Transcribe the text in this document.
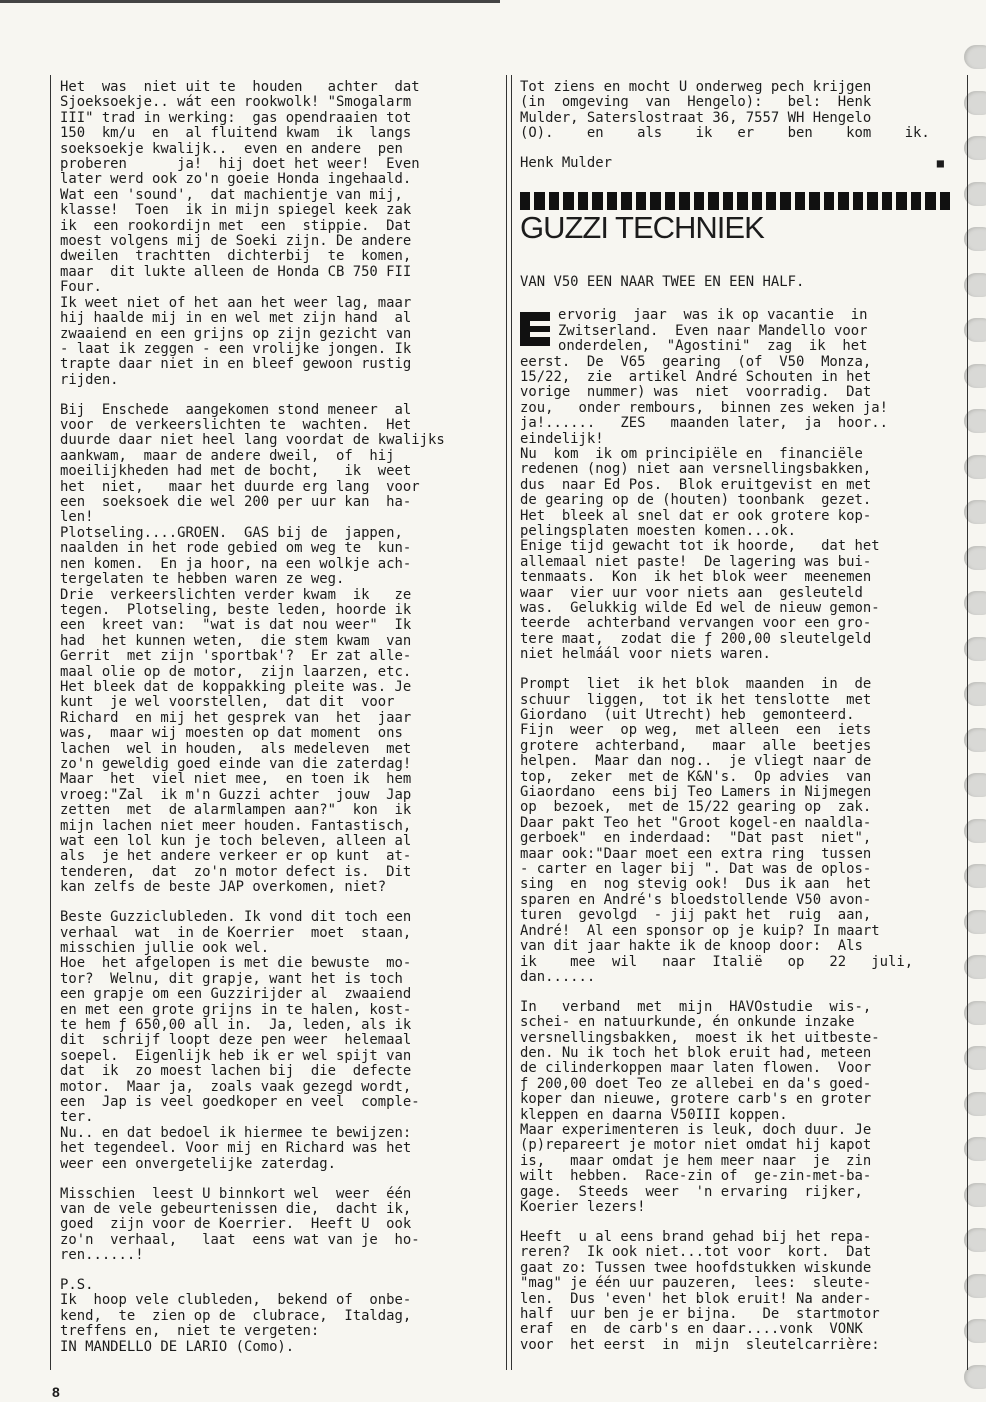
Het  was  niet uit te  houden   achter  dat
Sjoeksoekje.. wát een rookwolk! "Smogalarm
III" trad in werking:  gas opendraaien tot
150  km/u  en  al fluitend kwam  ik  langs
soeksoekje kwalijk..  even en andere  pen
proberen      ja!  hij doet het weer!  Even
later werd ook zo'n goeie Honda ingehaald.
Wat een 'sound',  dat machientje van mij,
klasse!  Toen  ik in mijn spiegel keek zak
ik  een rookordijn met  een  stippie.  Dat
moest volgens mij de Soeki zijn. De andere
dweilen  trachtten  dichterbij  te  komen,
maar  dit lukte alleen de Honda CB 750 FII
Four.
Ik weet niet of het aan het weer lag, maar
hij haalde mij in en wel met zijn hand  al
zwaaiend en een grijns op zijn gezicht van
- laat ik zeggen - een vrolijke jongen. Ik
trapte daar niet in en bleef gewoon rustig
rijden.
Bij  Enschede  aangekomen stond meneer  al
voor  de verkeerslichten te  wachten.  Het
duurde daar niet heel lang voordat de kwalijks
aankwam,  maar de andere dweil,  of  hij
moeilijkheden had met de bocht,   ik  weet
het  niet,   maar het duurde erg lang  voor
een  soeksoek die wel 200 per uur kan  ha-
len!
Plotseling....GROEN.  GAS bij de  jappen,
naalden in het rode gebied om weg te  kun-
nen komen.  En ja hoor, na een wolkje ach-
tergelaten te hebben waren ze weg.
Drie  verkeerslichten verder kwam  ik   ze
tegen.  Plotseling, beste leden, hoorde ik
een  kreet van:  "wat is dat nou weer"  Ik
had  het kunnen weten,  die stem kwam  van
Gerrit  met zijn 'sportbak'?  Er zat alle-
maal olie op de motor,  zijn laarzen, etc.
Het bleek dat de koppakking pleite was. Je
kunt  je wel voorstellen,  dat dit  voor
Richard  en mij het gesprek van  het  jaar
was,  maar wij moesten op dat moment  ons
lachen  wel in houden,  als medeleven  met
zo'n geweldig goed einde van die zaterdag!
Maar  het  viel niet mee,  en toen ik  hem
vroeg:"Zal  ik m'n Guzzi achter  jouw  Jap
zetten  met  de alarmlampen aan?"  kon  ik
mijn lachen niet meer houden. Fantastisch,
wat een lol kun je toch beleven, alleen al
als  je het andere verkeer er op kunt  at-
tenderen,  dat  zo'n motor defect is.  Dit
kan zelfs de beste JAP overkomen, niet?
Beste Guzziclubleden. Ik vond dit toch een
verhaal  wat  in de Koerrier  moet  staan,
misschien jullie ook wel.
Hoe  het afgelopen is met die bewuste  mo-
tor?  Welnu, dit grapje, want het is toch
een grapje om een Guzzirijder al  zwaaiend
en met een grote grijns in te halen, kost-
te hem ƒ 650,00 all in.  Ja, leden, als ik
dit  schrijf loopt deze pen weer  helemaal
soepel.  Eigenlijk heb ik er wel spijt van
dat  ik  zo moest lachen bij  die  defecte
motor.  Maar ja,  zoals vaak gezegd wordt,
een  Jap is veel goedkoper en veel  comple-
ter.
Nu.. en dat bedoel ik hiermee te bewijzen:
het tegendeel. Voor mij en Richard was het
weer een onvergetelijke zaterdag.
Misschien  leest U binnkort wel  weer  één
van de vele gebeurtenissen die,  dacht ik,
goed  zijn voor de Koerrier.  Heeft U  ook
zo'n  verhaal,   laat  eens wat van je  ho-
ren......!
P.S.
Ik  hoop vele clubleden,  bekend of  onbe-
kend,  te  zien op de  clubrace,  Italdag,
treffens en,  niet te vergeten:
IN MANDELLO DE LARIO (Como).
Tot ziens en mocht U onderweg pech krijgen
(in  omgeving  van  Hengelo):   bel:  Henk
Mulder, Saterslostraat 36, 7557 WH Hengelo
(O).    en    als    ik   er    ben    kom    ik.
Henk Mulder	■
GUZZI TECHNIEK
VAN V50 EEN NAAR TWEE EN EEN HALF.
ervorig  jaar  was ik op vacantie  in
Zwitserland.  Even naar Mandello voor
onderdelen,  "Agostini"  zag  ik  het
eerst.  De  V65  gearing  (of  V50  Monza,
15/22,  zie  artikel André Schouten in het
vorige  nummer) was  niet  voorradig.  Dat
zou,   onder rembours,  binnen zes weken ja!
ja!......   ZES   maanden later,  ja  hoor..
eindelijk!
Nu  kom  ik om principiële en  financiële
redenen (nog) niet aan versnellingsbakken,
dus  naar Ed Pos.  Blok eruitgevist en met
de gearing op de (houten) toonbank  gezet.
Het  bleek al snel dat er ook grotere kop-
pelingsplaten moesten komen...ok.
Enige tijd gewacht tot ik hoorde,   dat het
allemaal niet paste!  De lagering was bui-
tenmaats.  Kon  ik het blok weer  meenemen
waar  vier uur voor niets aan  gesleuteld
was.  Gelukkig wilde Ed wel de nieuw gemon-
teerde  achterband vervangen voor een gro-
tere maat,  zodat die ƒ 200,00 sleutelgeld
niet helmáál voor niets waren.
Prompt  liet  ik het blok  maanden  in  de
schuur  liggen,  tot ik het tenslotte  met
Giordano  (uit Utrecht) heb  gemonteerd.
Fijn  weer  op weg,  met alleen  een  iets
grotere  achterband,   maar  alle  beetjes
helpen.  Maar dan nog..  je vliegt naar de
top,  zeker  met de K&N's.  Op advies  van
Giaordano  eens bij Teo Lamers in Nijmegen
op  bezoek,  met de 15/22 gearing op  zak.
Daar pakt Teo het "Groot kogel-en naaldla-
gerboek"  en inderdaad:  "Dat past  niet",
maar ook:"Daar moet een extra ring  tussen
- carter en lager bij ". Dat was de oplos-
sing  en  nog stevig ook!  Dus ik aan  het
sparen en André's bloedstollende V50 avon-
turen  gevolgd  - jij pakt het  ruig  aan,
André!  Al een sponsor op je kuip? In maart
van dit jaar hakte ik de knoop door:  Als
ik    mee  wil   naar  Italië   op   22   juli,
dan......
In   verband  met  mijn  HAVOstudie  wis-,
schei- en natuurkunde, én onkunde inzake
versnellingsbakken,  moest ik het uitbeste-
den. Nu ik toch het blok eruit had, meteen
de cilinderkoppen maar laten flowen.  Voor
ƒ 200,00 doet Teo ze allebei en da's goed-
koper dan nieuwe, grotere carb's en groter
kleppen en daarna V50III koppen.
Maar experimenteren is leuk, doch duur. Je
(p)repareert je motor niet omdat hij kapot
is,   maar omdat je hem meer naar  je  zin
wilt  hebben.  Race-zin of  ge-zin-met-ba-
gage.  Steeds  weer  'n ervaring  rijker,
Koerier lezers!
Heeft  u al eens brand gehad bij het repa-
reren?  Ik ook niet...tot voor  kort.  Dat
gaat zo: Tussen twee hoofdstukken wiskunde
"mag" je één uur pauzeren,  lees:  sleute-
len.  Dus 'even' het blok eruit! Na ander-
half  uur ben je er bijna.   De  startmotor
eraf  en  de carb's en daar....vonk  VONK
voor  het eerst  in  mijn  sleutelcarrière:
8
